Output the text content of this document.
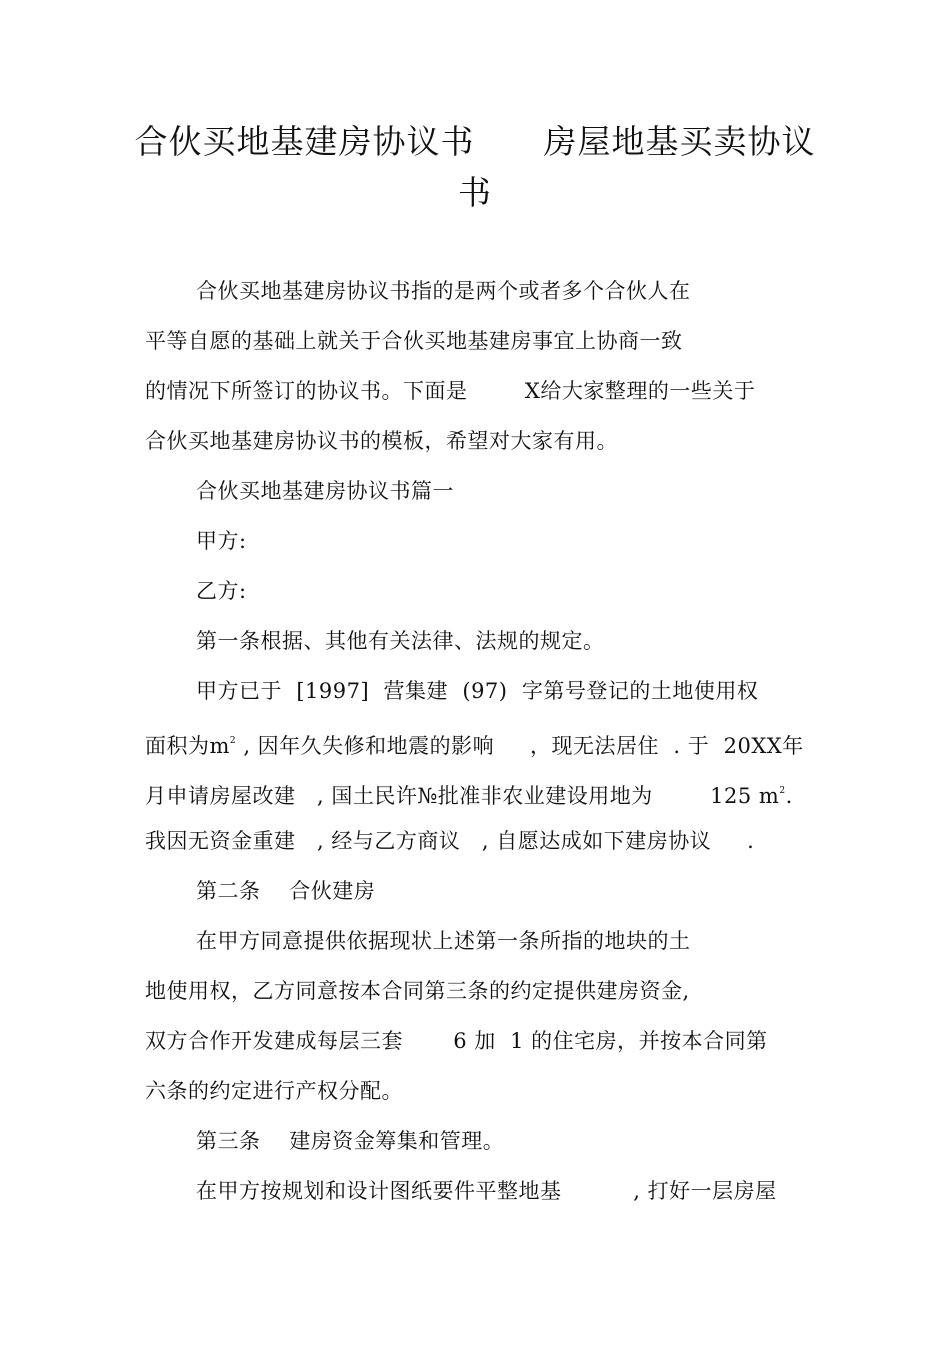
合伙买地基建房协议书      房屋地基买卖协议
书
合伙买地基建房协议书指的是两个或者多个合伙人在
平等自愿的基础上就关于合伙买地基建房事宜上协商一致
的情况下所签订的协议书。下面是        X给大家整理的一些关于
合伙买地基建房协议书的模板，希望对大家有用。
合伙买地基建房协议书篇一
甲方:
乙方:
第一条根据、其他有关法律、法规的规定。
甲方已于  [1997]  营集建  (97)  字第号登记的土地使用权
面积为$m^2$ , 因年久失修和地震的影响     ，现无法居住  . 于  20XX年
月申请房屋改建   , 国土民许№批准非农业建设用地为        125 $m^2$.
我因无资金重建   , 经与乙方商议   , 自愿达成如下建房协议     .
第二条    合伙建房
在甲方同意提供依据现状上述第一条所指的地块的土
地使用权，乙方同意按本合同第三条的约定提供建房资金,
双方合作开发建成每层三套       6 加  1 的住宅房，并按本合同第
六条的约定进行产权分配。
第三条    建房资金筹集和管理。
在甲方按规划和设计图纸要件平整地基          , 打好一层房屋
